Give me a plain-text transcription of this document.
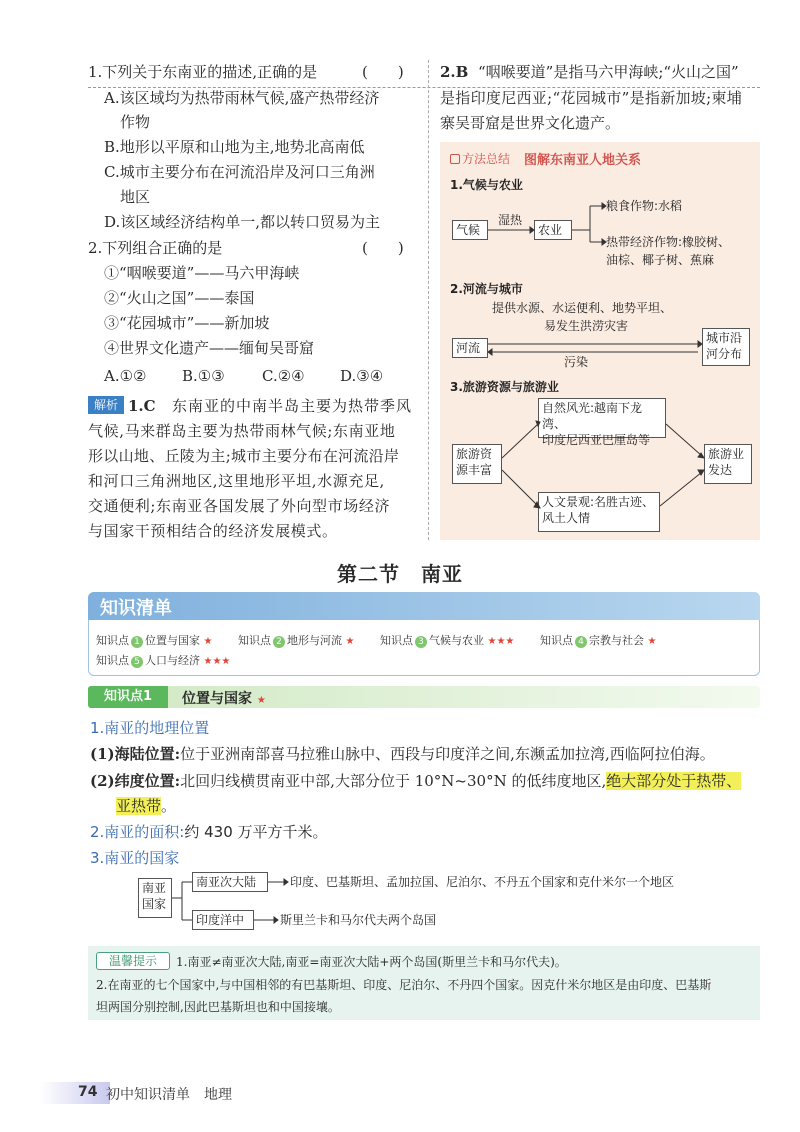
1.下列关于东南亚的描述,正确的是	(　　)
A.该区域均为热带雨林气候,盛产热带经济
作物
B.地形以平原和山地为主,地势北高南低
C.城市主要分布在河流沿岸及河口三角洲
地区
D.该区域经济结构单一,都以转口贸易为主
2.下列组合正确的是	(　　)
①“咽喉要道”——马六甲海峡
②“火山之国”——泰国
③“花园城市”——新加坡
④世界文化遗产——缅甸吴哥窟
A.①② B.①③ C.②④ D.③④
解析 1.C 东南亚的中南半岛主要为热带季风
气候,马来群岛主要为热带雨林气候;东南亚地
形以山地、丘陵为主;城市主要分布在河流沿岸
和河口三角洲地区,这里地形平坦,水源充足,
交通便利;东南亚各国发展了外向型市场经济
与国家干预相结合的经济发展模式。
2.B “咽喉要道”是指马六甲海峡;“火山之国”
是指印度尼西亚;“花园城市”是指新加坡;柬埔
寨吴哥窟是世界文化遗产。
方法总结 图解东南亚人地关系
1.气候与农业
气候
湿热
农业
粮食作物:水稻
热带经济作物:橡胶树、
油棕、椰子树、蕉麻
2.河流与城市
提供水源、水运便利、地势平坦、
易发生洪涝灾害
河流
污染
城市沿
河分布
3.旅游资源与旅游业
自然风光:越南下龙湾、
印度尼西亚巴厘岛等
旅游资
源丰富
旅游业
发达
人文景观:名胜古迹、
风土人情
第二节　南亚
知识清单
知识点 1 位置与国家 ★ 知识点 2 地形与河流 ★ 知识点 3 气候与农业 ★★★ 知识点 4 宗教与社会 ★
知识点 5 人口与经济 ★★★
知识点1	位置与国家 ★
1.南亚的地理位置
(1)海陆位置:位于亚洲南部喜马拉雅山脉中、西段与印度洋之间,东濒孟加拉湾,西临阿拉伯海。
(2)纬度位置:北回归线横贯南亚中部,大部分位于 10°N~30°N 的低纬度地区,绝大部分处于热带、
亚热带。
2.南亚的面积:约 430 万平方千米。
3.南亚的国家
南亚
国家
南亚次大陆
印度洋中
印度、巴基斯坦、孟加拉国、尼泊尔、不丹五个国家和克什米尔一个地区
斯里兰卡和马尔代夫两个岛国
温馨提示	1.南亚≠南亚次大陆,南亚=南亚次大陆+两个岛国(斯里兰卡和马尔代夫)。
2.在南亚的七个国家中,与中国相邻的有巴基斯坦、印度、尼泊尔、不丹四个国家。因克什米尔地区是由印度、巴基斯
坦两国分别控制,因此巴基斯坦也和中国接壤。
74 初中知识清单　地理
